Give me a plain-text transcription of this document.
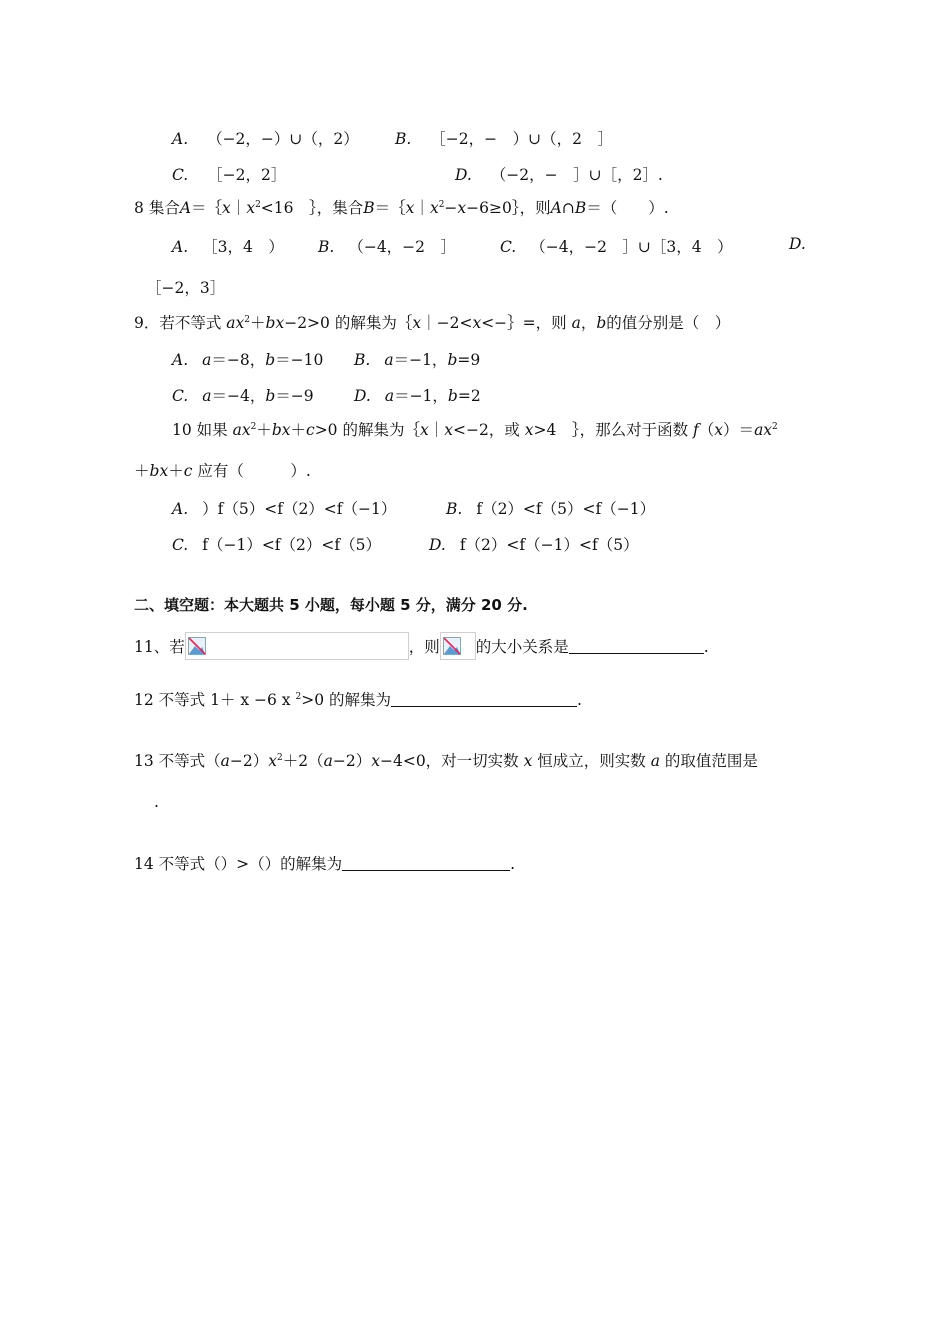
A. （−2，−）∪（，2） B. ［−2，−　）∪（，2　］
C. ［−2，2］	D. （−2，−　］∪［，2］.
8 集合$A=\{x|x^2<16$　｝，集合$B=\{x|x^2-x-6\ge 0\}$，则A∩B＝（　　）.
A. ［3，4　） B. （−4，−2　］	C. （−4，−2　］∪［3，4　）	D.
［−2，3］
9．若不等式 $ax^2+bx-2>0$ 的解集为｛x｜−2<x<−｝=，则 a，b的值分别是（　）
A. a＝−8，b＝−10 B. a＝−1，b=9
C. a＝−4，b＝−9	D. a＝−1，b=2
10 如果 $ax^2+bx+c>0$ 的解集为｛x｜x<−2，或 x>4　｝，那么对于函数 $f(x)=ax^2$
＋bx＋c 应有（　　　）.
A. ）f（5）<f（2）<f（−1）	B. f（2）<f（5）<f（−1）
C. f（−1）<f（2）<f（5）	D. f（2）<f（−1）<f（5）
二、填空题：本大题共 5 小题，每小题 5 分，满分 20 分.
11、若	，则 的大小关系是	.
12 不等式 1＋ x −6 x $^2$>0 的解集为	.
13 不等式$(a-2)x^2+2(a-2)x-4<0$，对一切实数 x 恒成立，则实数 a 的取值范围是
.
14 不等式（）>（）的解集为	.
